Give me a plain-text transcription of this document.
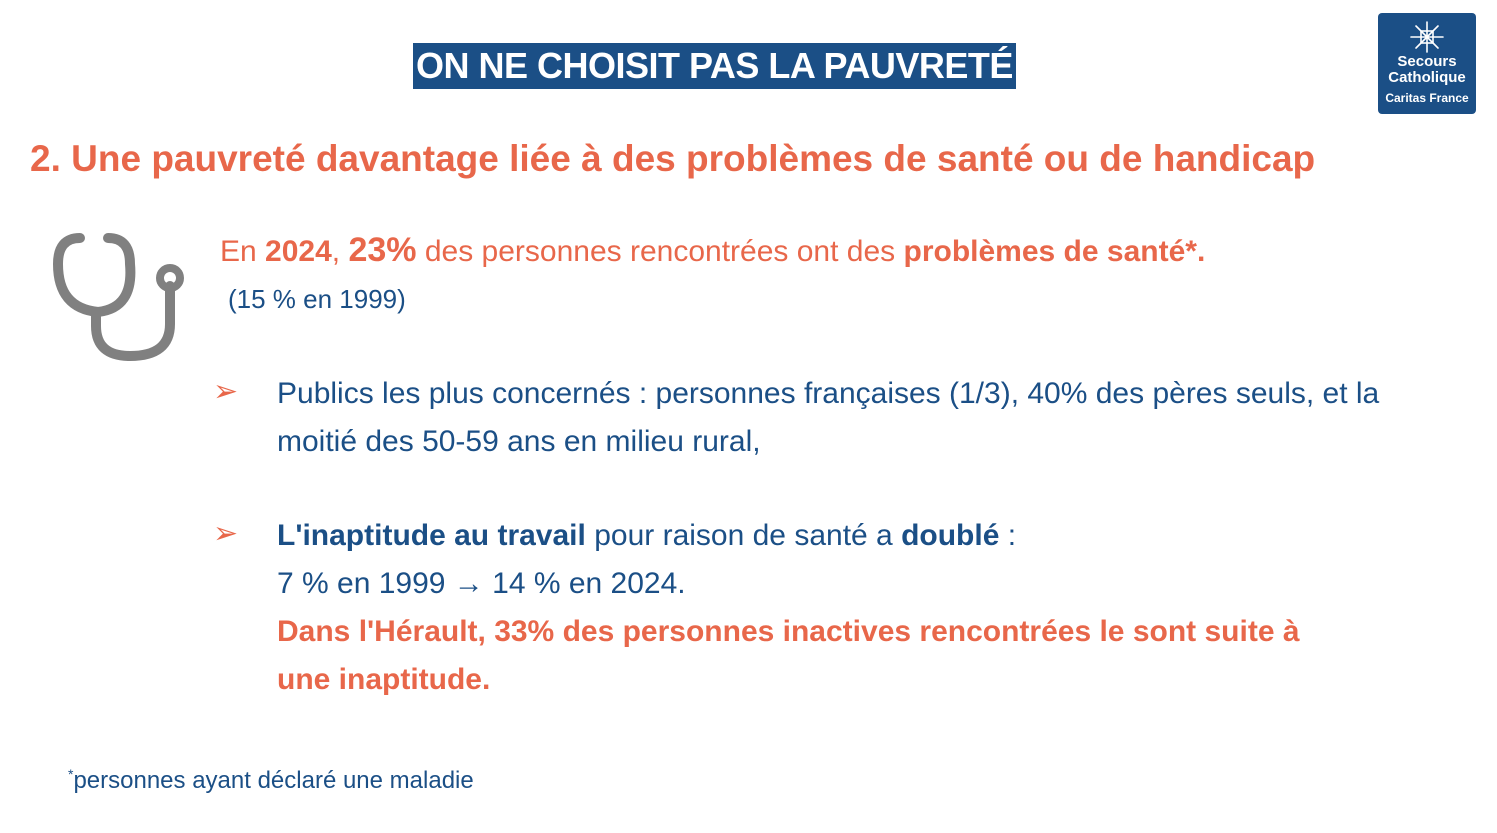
ON NE CHOISIT PAS LA PAUVRETÉ	Secours
Catholique
Caritas France
2. Une pauvreté davantage liée à des problèmes de santé ou de handicap
En 2024, 23% des personnes rencontrées ont des problèmes de santé*.
(15 % en 1999)
➢ Publics les plus concernés : personnes françaises (1/3), 40% des pères seuls, et la moitié des 50-59 ans en milieu rural,
➢ L'inaptitude au travail pour raison de santé a doublé :
7 % en 1999 → 14 % en 2024.
Dans l'Hérault, 33% des personnes inactives rencontrées le sont suite à une inaptitude.
*personnes ayant déclaré une maladie
